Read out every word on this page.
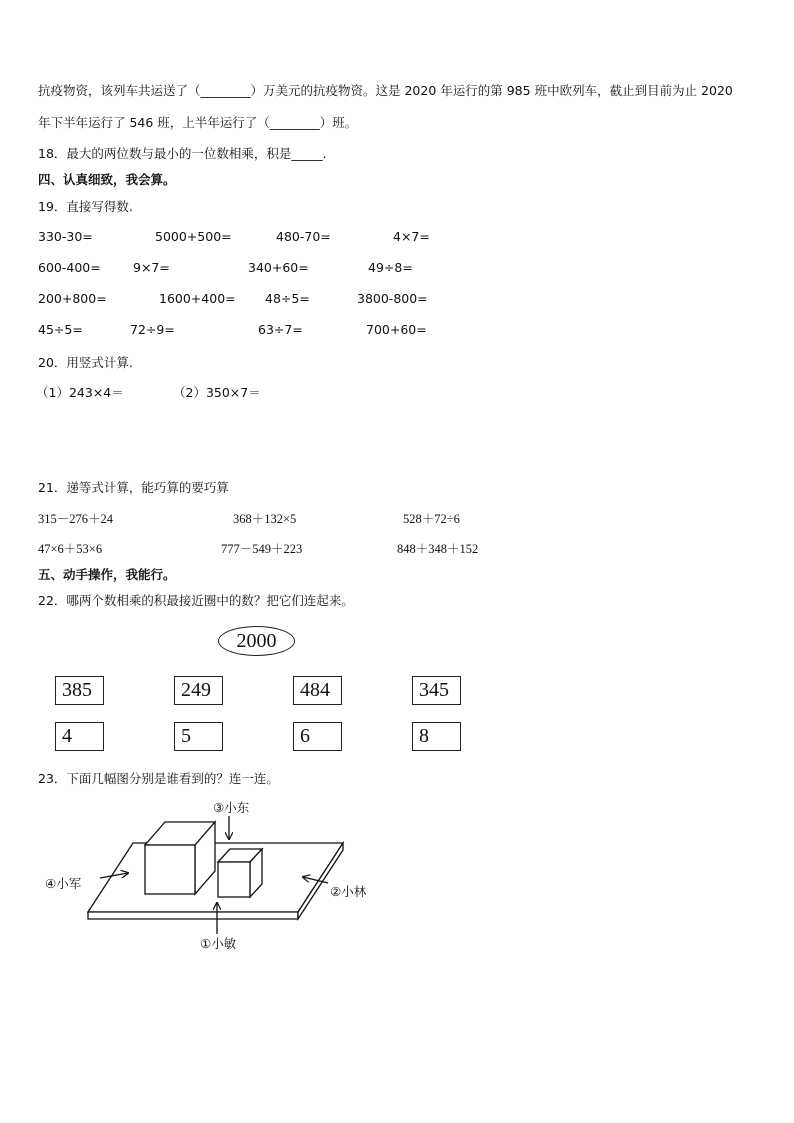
抗疫物资，该列车共运送了（________）万美元的抗疫物资。这是 2020 年运行的第 985 班中欧列车，截止到目前为止 2020
年下半年运行了 546 班，上半年运行了（________）班。
18．最大的两位数与最小的一位数相乘，积是_____.
四、认真细致，我会算。
19．直接写得数.
330-30=	5000+500=	480-70=	4×7=
600-400=	9×7=	340+60=	49÷8=
200+800=	1600+400= 48÷5=	3800-800=
45÷5=	72÷9=	63÷7=	700+60=
20．用竖式计算.
（1）243×4＝	（2）350×7＝
21．递等式计算，能巧算的要巧算
315－276＋24	368＋132×5	528＋72÷6
47×6＋53×6	777－549＋223	848＋348＋152
五、动手操作，我能行。
22．哪两个数相乘的积最接近圈中的数？把它们连起来。
2000
385	249	484	345
4	5	6	8
23．下面几幅图分别是谁看到的？连一连。
③小东
④小军
②小林
①小敏
